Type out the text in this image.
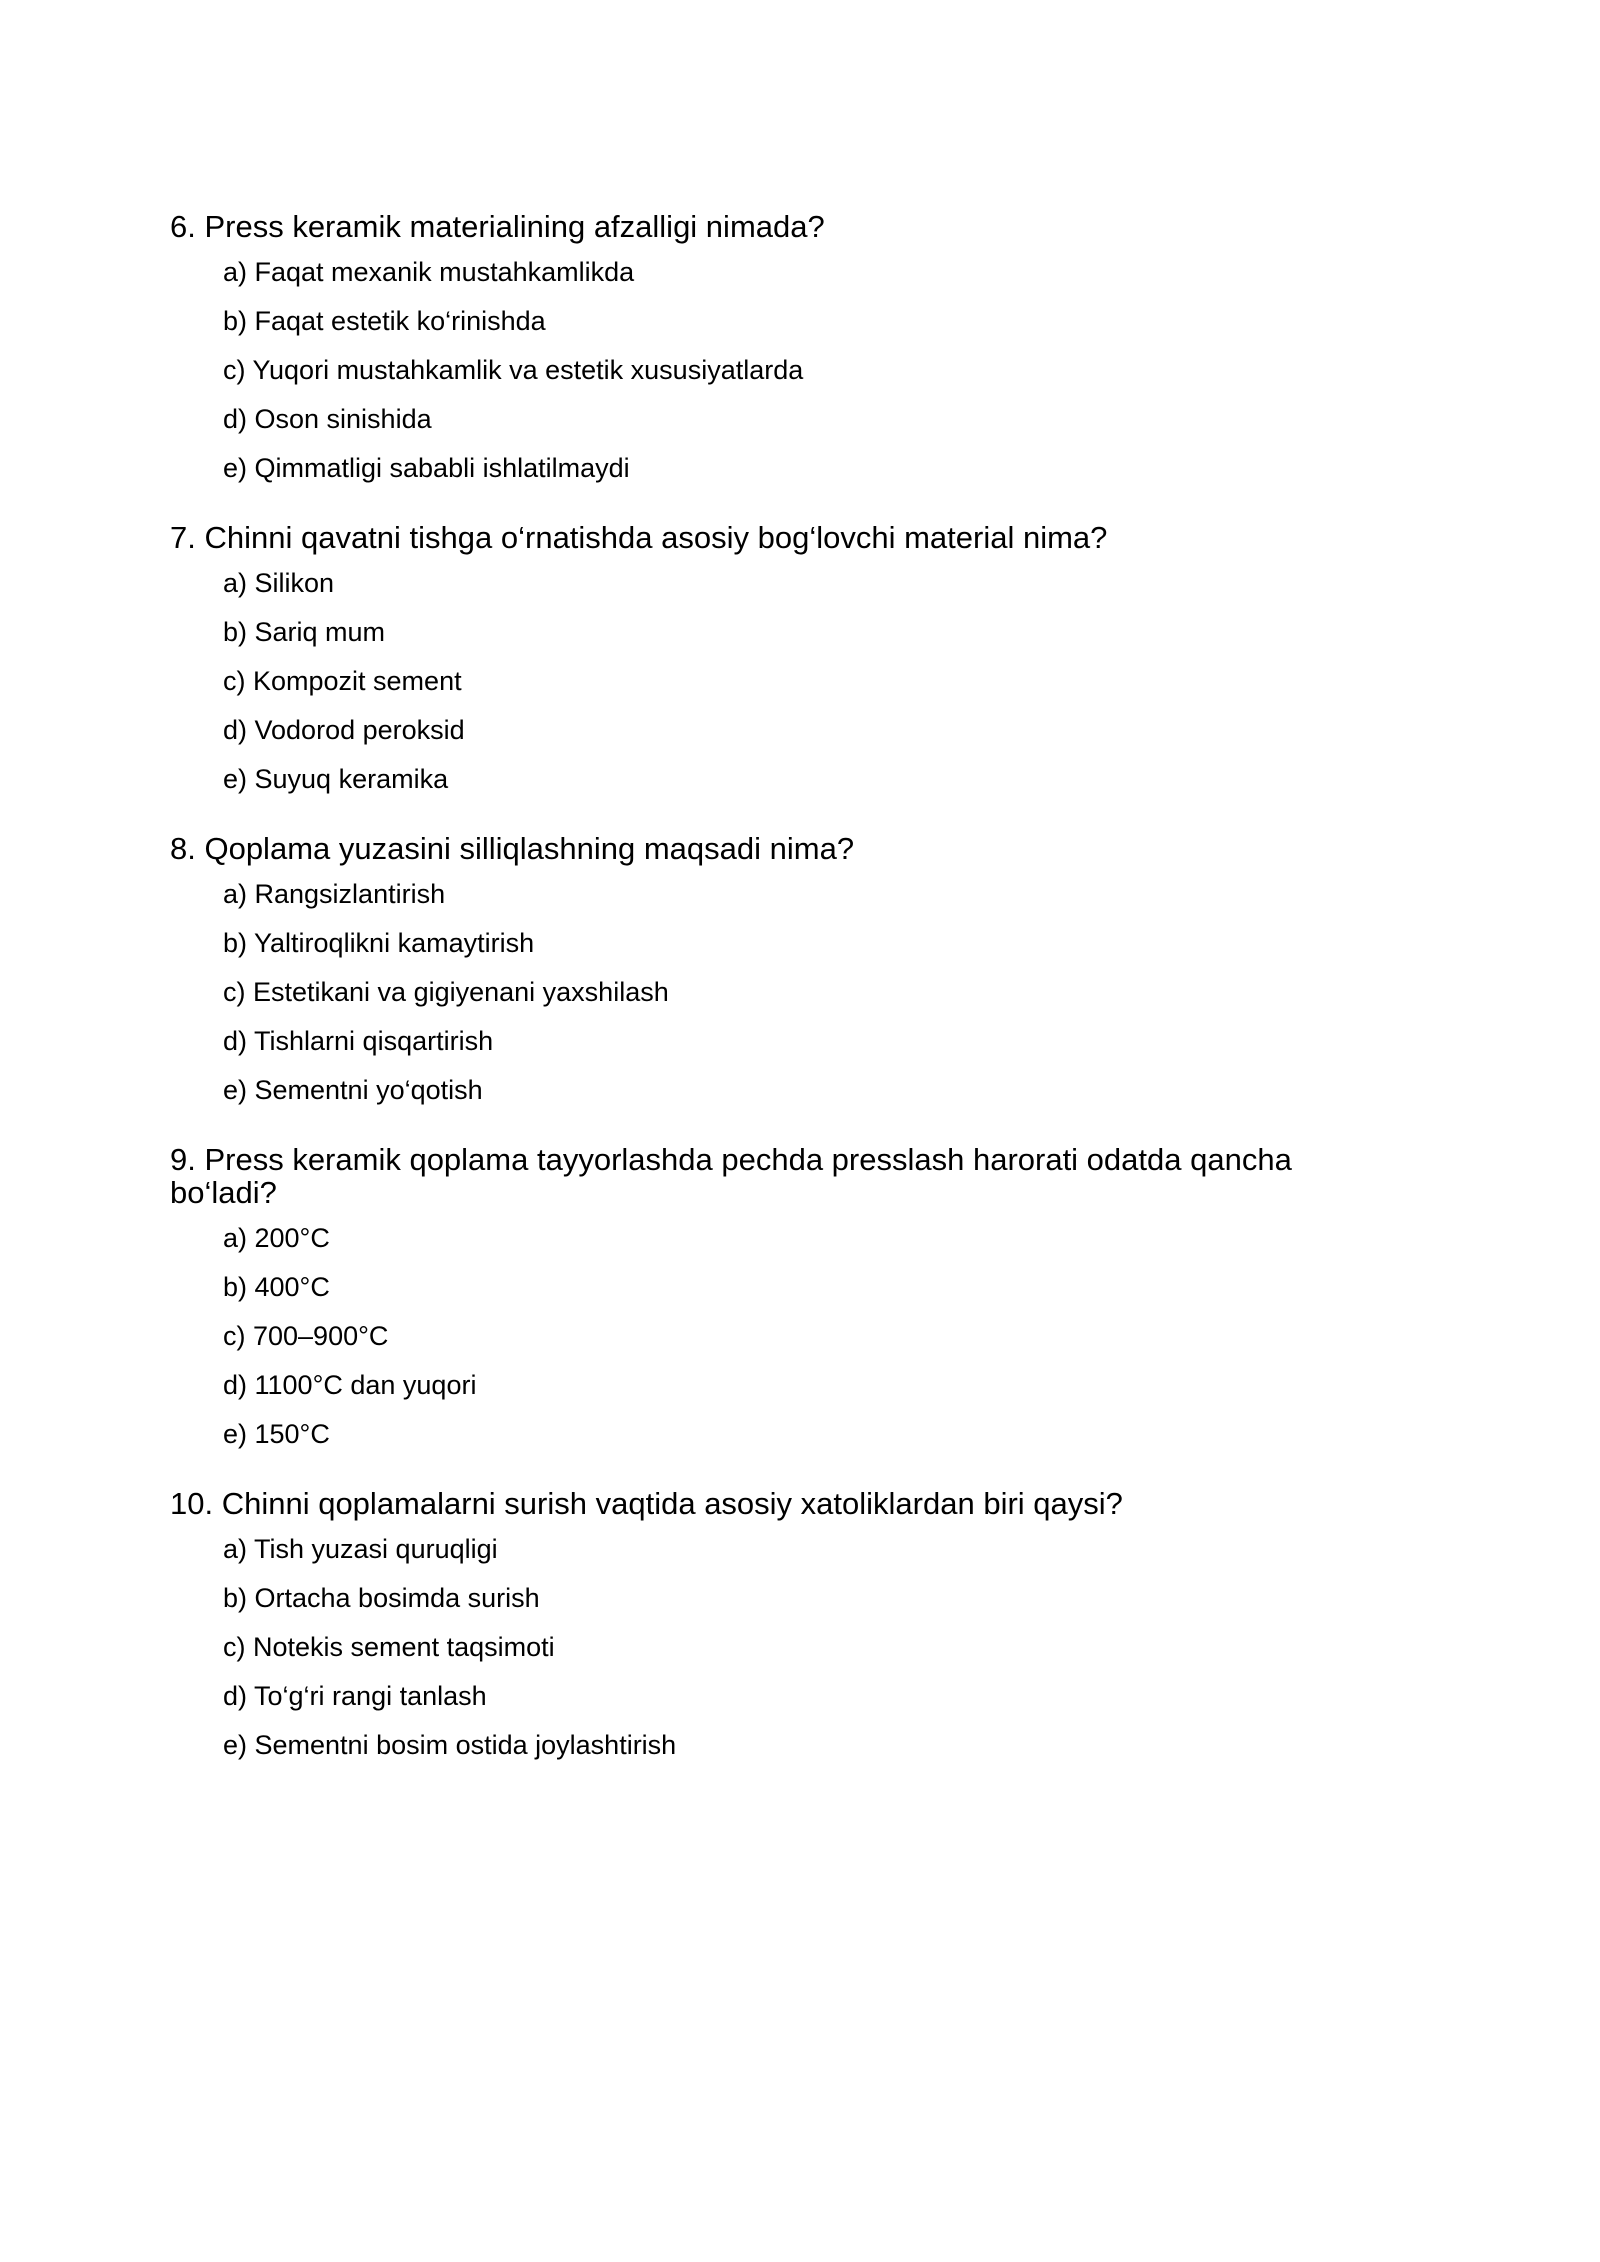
6. Press keramik materialining afzalligi nimada?

a) Faqat mexanik mustahkamlikda
b) Faqat estetik ko‘rinishda
c) Yuqori mustahkamlik va estetik xususiyatlarda
d) Oson sinishida
e) Qimmatligi sababli ishlatilmaydi

7. Chinni qavatni tishga o‘rnatishda asosiy bog‘lovchi material nima?

a) Silikon
b) Sariq mum
c) Kompozit sement
d) Vodorod peroksid
e) Suyuq keramika

8. Qoplama yuzasini silliqlashning maqsadi nima?

a) Rangsizlantirish
b) Yaltiroqlikni kamaytirish
c) Estetikani va gigiyenani yaxshilash
d) Tishlarni qisqartirish
e) Sementni yo‘qotish

9. Press keramik qoplama tayyorlashda pechda presslash harorati odatda qancha bo‘ladi?

a) 200°C
b) 400°C
c) 700–900°C
d) 1100°C dan yuqori
e) 150°C

10. Chinni qoplamalarni surish vaqtida asosiy xatoliklardan biri qaysi?

a) Tish yuzasi quruqligi
b) Ortacha bosimda surish
c) Notekis sement taqsimoti
d) To‘g‘ri rangi tanlash
e) Sementni bosim ostida joylashtirish
